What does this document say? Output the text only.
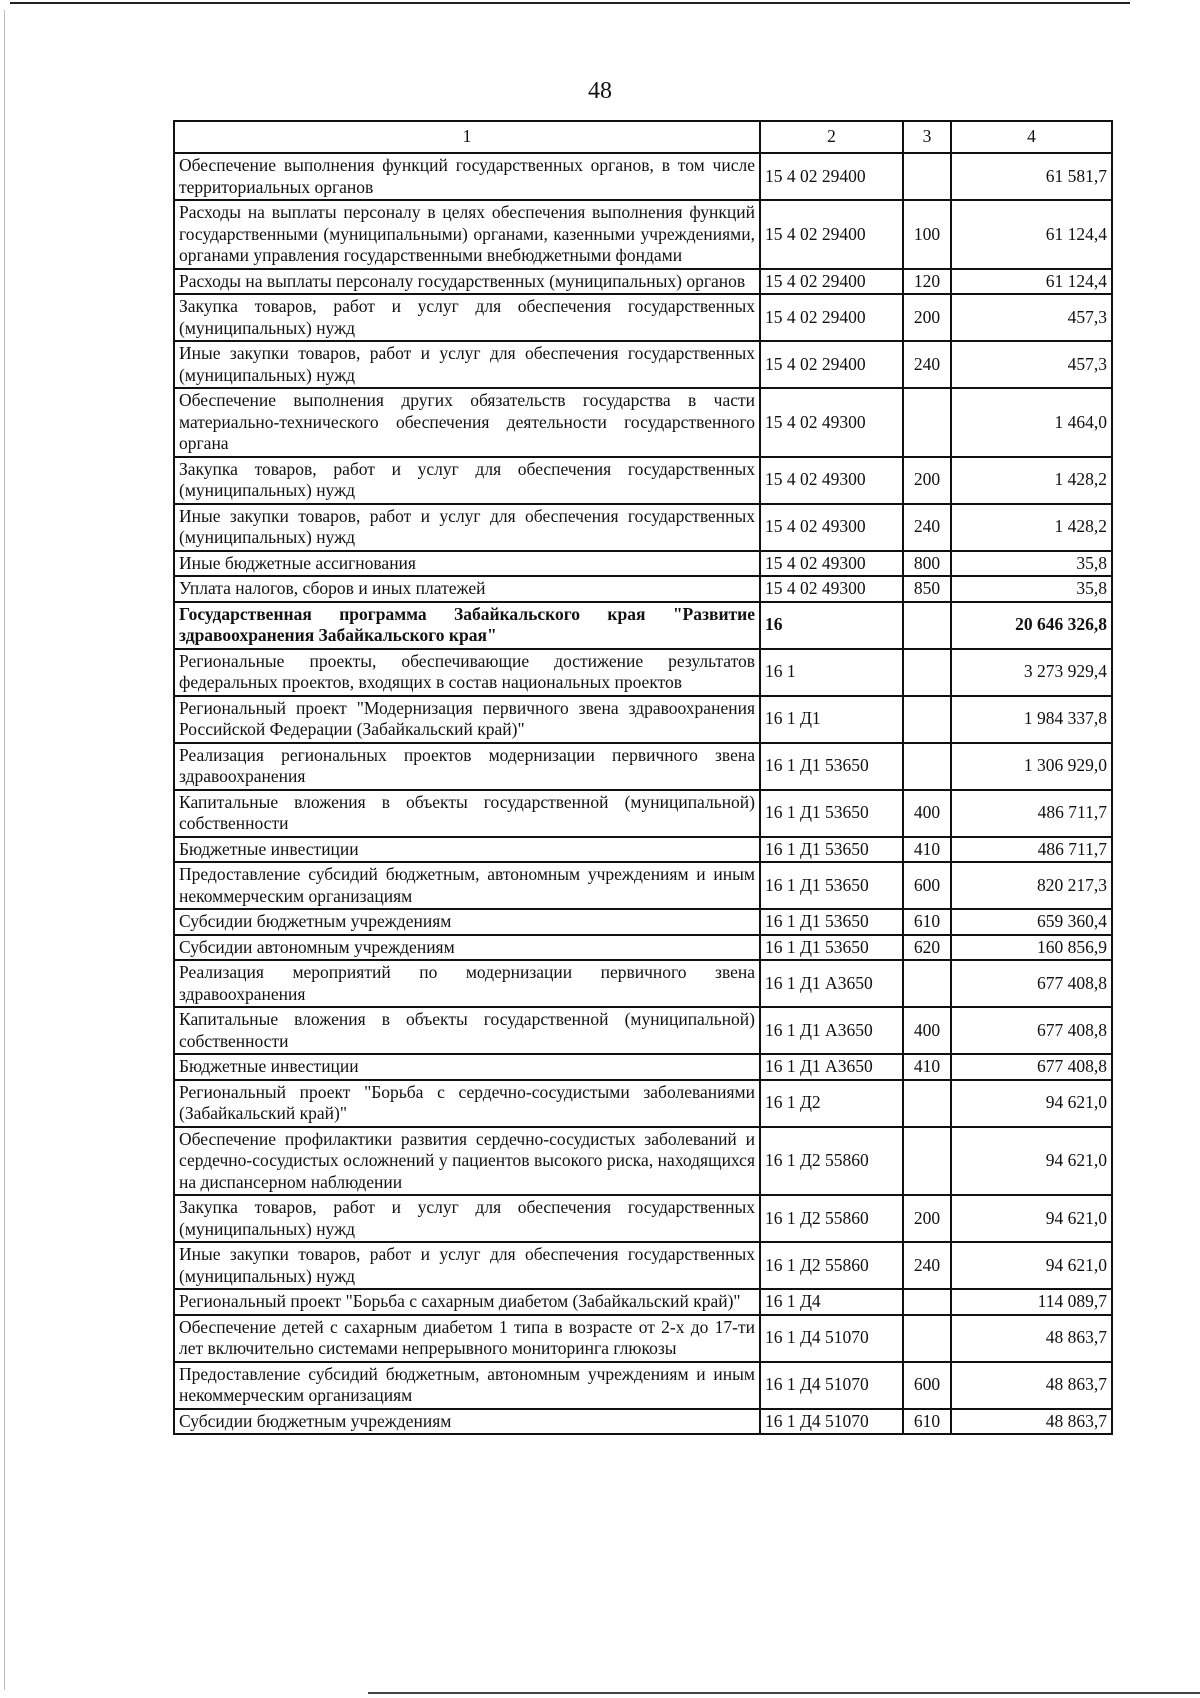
48
1	2	3	4
Обеспечение выполнения функций государственных органов, в том числе территориальных органов	15 4 02 29400		61 581,7
Расходы на выплаты персоналу в целях обеспечения выполнения функций государственными (муниципальными) органами, казенными учреждениями, органами управления государственными внебюджетными фондами	15 4 02 29400	100	61 124,4
Расходы на выплаты персоналу государственных (муниципальных) органов	15 4 02 29400	120	61 124,4
Закупка товаров, работ и услуг для обеспечения государственных (муниципальных) нужд	15 4 02 29400	200	457,3
Иные закупки товаров, работ и услуг для обеспечения государственных (муниципальных) нужд	15 4 02 29400	240	457,3
Обеспечение выполнения других обязательств государства в части материально-технического обеспечения деятельности государственного органа	15 4 02 49300		1 464,0
Закупка товаров, работ и услуг для обеспечения государственных (муниципальных) нужд	15 4 02 49300	200	1 428,2
Иные закупки товаров, работ и услуг для обеспечения государственных (муниципальных) нужд	15 4 02 49300	240	1 428,2
Иные бюджетные ассигнования	15 4 02 49300	800	35,8
Уплата налогов, сборов и иных платежей	15 4 02 49300	850	35,8
Государственная программа Забайкальского края "Развитие здравоохранения Забайкальского края"	16		20 646 326,8
Региональные проекты, обеспечивающие достижение результатов федеральных проектов, входящих в состав национальных проектов	16 1		3 273 929,4
Региональный проект "Модернизация первичного звена здравоохранения Российской Федерации (Забайкальский край)"	16 1 Д1		1 984 337,8
Реализация региональных проектов модернизации первичного звена здравоохранения	16 1 Д1 53650		1 306 929,0
Капитальные вложения в объекты государственной (муниципальной) собственности	16 1 Д1 53650	400	486 711,7
Бюджетные инвестиции	16 1 Д1 53650	410	486 711,7
Предоставление субсидий бюджетным, автономным учреждениям и иным некоммерческим организациям	16 1 Д1 53650	600	820 217,3
Субсидии бюджетным учреждениям	16 1 Д1 53650	610	659 360,4
Субсидии автономным учреждениям	16 1 Д1 53650	620	160 856,9
Реализация мероприятий по модернизации первичного звена здравоохранения	16 1 Д1 А3650		677 408,8
Капитальные вложения в объекты государственной (муниципальной) собственности	16 1 Д1 А3650	400	677 408,8
Бюджетные инвестиции	16 1 Д1 А3650	410	677 408,8
Региональный проект "Борьба с сердечно-сосудистыми заболеваниями (Забайкальский край)"	16 1 Д2		94 621,0
Обеспечение профилактики развития сердечно-сосудистых заболеваний и сердечно-сосудистых осложнений у пациентов высокого риска, находящихся на диспансерном наблюдении	16 1 Д2 55860		94 621,0
Закупка товаров, работ и услуг для обеспечения государственных (муниципальных) нужд	16 1 Д2 55860	200	94 621,0
Иные закупки товаров, работ и услуг для обеспечения государственных (муниципальных) нужд	16 1 Д2 55860	240	94 621,0
Региональный проект "Борьба с сахарным диабетом (Забайкальский край)"	16 1 Д4		114 089,7
Обеспечение детей с сахарным диабетом 1 типа в возрасте от 2-х до 17-ти лет включительно системами непрерывного мониторинга глюкозы	16 1 Д4 51070		48 863,7
Предоставление субсидий бюджетным, автономным учреждениям и иным некоммерческим организациям	16 1 Д4 51070	600	48 863,7
Субсидии бюджетным учреждениям	16 1 Д4 51070	610	48 863,7
